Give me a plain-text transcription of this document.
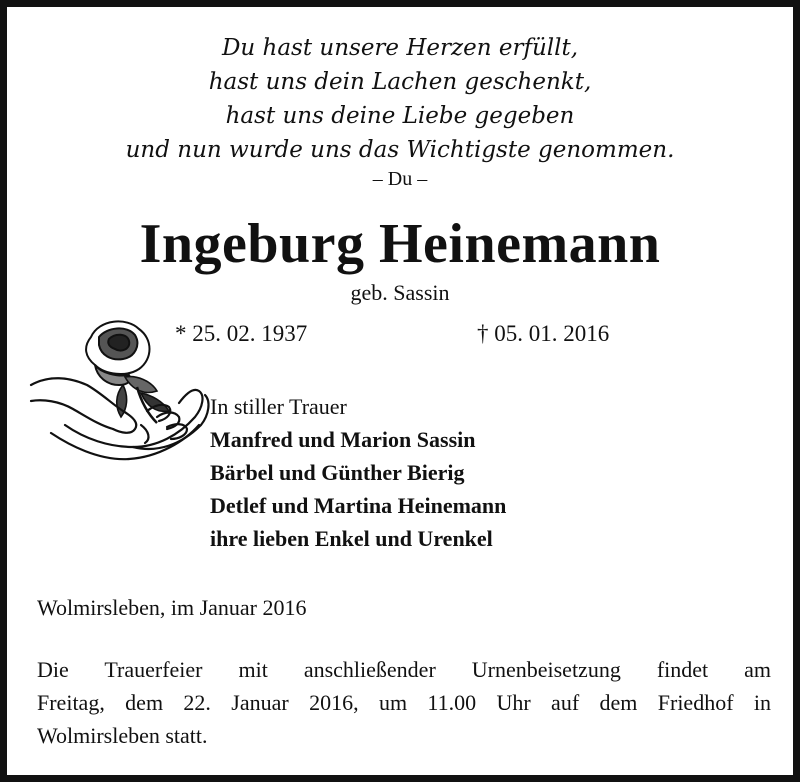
Du hast unsere Herzen erfüllt,
hast uns dein Lachen geschenkt,
hast uns deine Liebe gegeben
und nun wurde uns das Wichtigste genommen.
– Du –
Ingeburg Heinemann
geb. Sassin
* 25. 02. 1937	† 05. 01. 2016
In stiller Trauer
Manfred und Marion Sassin
Bärbel und Günther Bierig
Detlef und Martina Heinemann
ihre lieben Enkel und Urenkel
Wolmirsleben, im Januar 2016
Die Trauerfeier mit anschließender Urnenbeisetzung findet am
Freitag, dem 22. Januar 2016, um 11.00 Uhr auf dem Friedhof in
Wolmirsleben statt.
